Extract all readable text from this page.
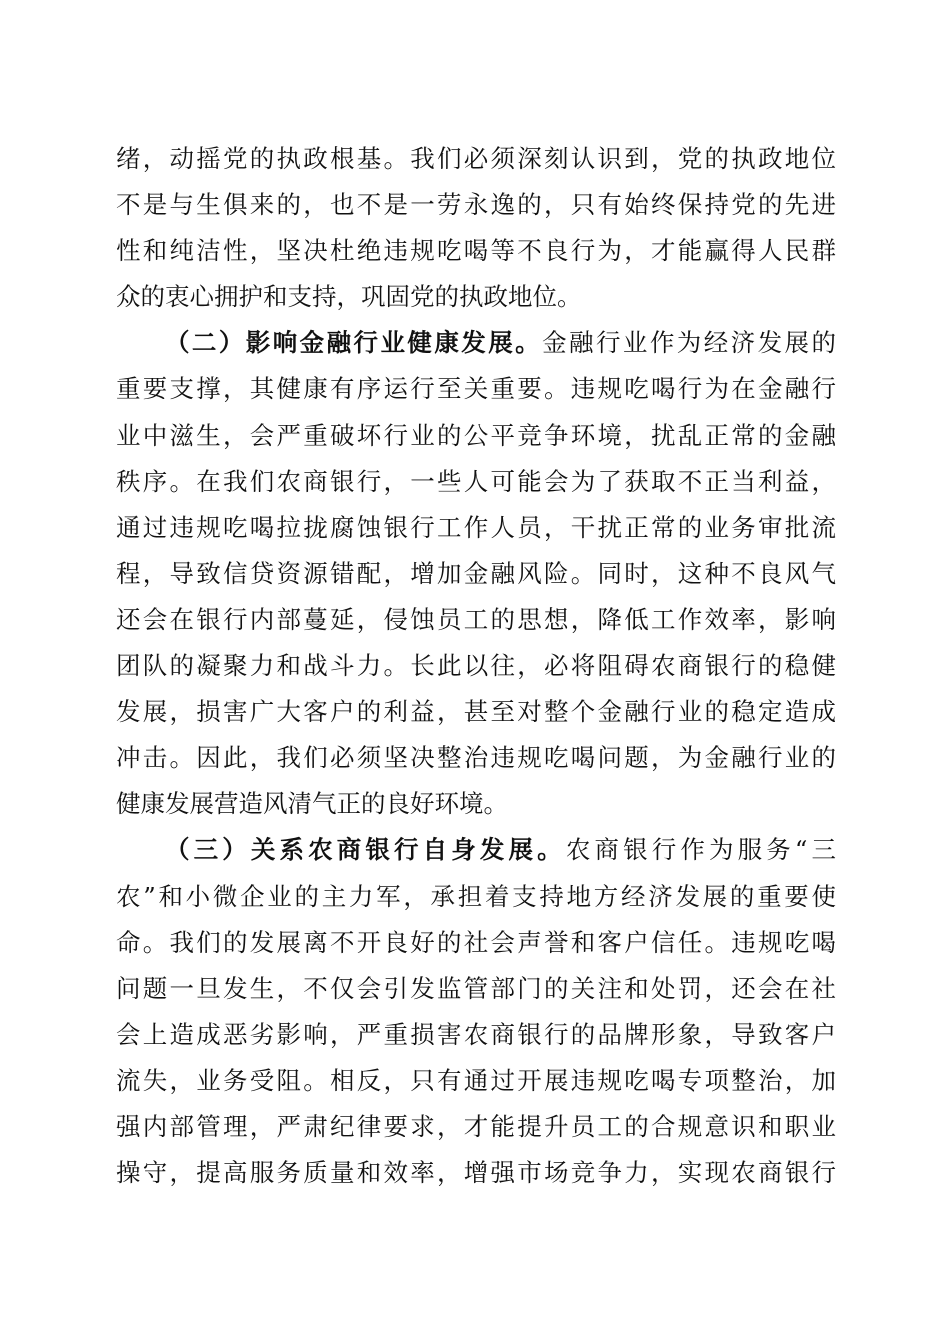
绪，动摇党的执政根基。我们必须深刻认识到，党的执政地位
不是与生俱来的，也不是一劳永逸的，只有始终保持党的先进
性和纯洁性，坚决杜绝违规吃喝等不良行为，才能赢得人民群
众的衷心拥护和支持，巩固党的执政地位。
（二）影响金融行业健康发展。金融行业作为经济发展的
重要支撑，其健康有序运行至关重要。违规吃喝行为在金融行
业中滋生，会严重破坏行业的公平竞争环境，扰乱正常的金融
秩序。在我们农商银行，一些人可能会为了获取不正当利益，
通过违规吃喝拉拢腐蚀银行工作人员，干扰正常的业务审批流
程，导致信贷资源错配，增加金融风险。同时，这种不良风气
还会在银行内部蔓延，侵蚀员工的思想，降低工作效率，影响
团队的凝聚力和战斗力。长此以往，必将阻碍农商银行的稳健
发展，损害广大客户的利益，甚至对整个金融行业的稳定造成
冲击。因此，我们必须坚决整治违规吃喝问题，为金融行业的
健康发展营造风清气正的良好环境。
（三）关系农商银行自身发展。农商银行作为服务“三
农”和小微企业的主力军，承担着支持地方经济发展的重要使
命。我们的发展离不开良好的社会声誉和客户信任。违规吃喝
问题一旦发生，不仅会引发监管部门的关注和处罚，还会在社
会上造成恶劣影响，严重损害农商银行的品牌形象，导致客户
流失，业务受阻。相反，只有通过开展违规吃喝专项整治，加
强内部管理，严肃纪律要求，才能提升员工的合规意识和职业
操守，提高服务质量和效率，增强市场竞争力，实现农商银行
